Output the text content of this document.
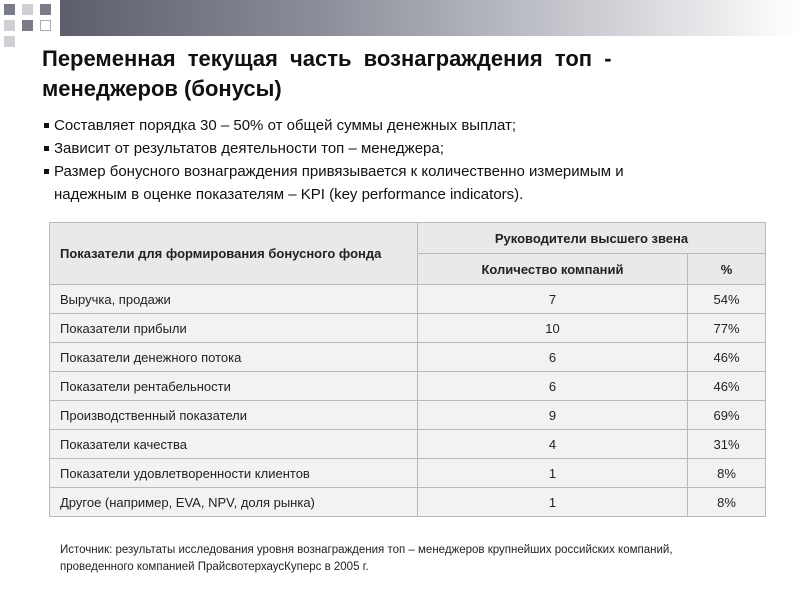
Переменная текущая часть вознаграждения топ -
менеджеров (бонусы)
Составляет порядка 30 – 50% от общей суммы денежных выплат;
Зависит от результатов деятельности топ – менеджера;
Размер бонусного вознаграждения привязывается к количественно измеримым и
надежным в оценке показателям – KPI (key performance indicators).
Показатели для формирования бонусного фонда	Руководители высшего звена	
	Количество компаний	%
Выручка, продажи	7	54%
Показатели прибыли	10	77%
Показатели денежного потока	6	46%
Показатели рентабельности	6	46%
Производственный показатели	9	69%
Показатели качества	4	31%
Показатели удовлетворенности клиентов	1	8%
Другое (например, EVA, NPV, доля рынка)	1	8%
Источник: результаты исследования уровня вознаграждения топ – менеджеров крупнейших российских компаний,
проведенного компанией ПрайсвотерхаусКуперс в 2005 г.
